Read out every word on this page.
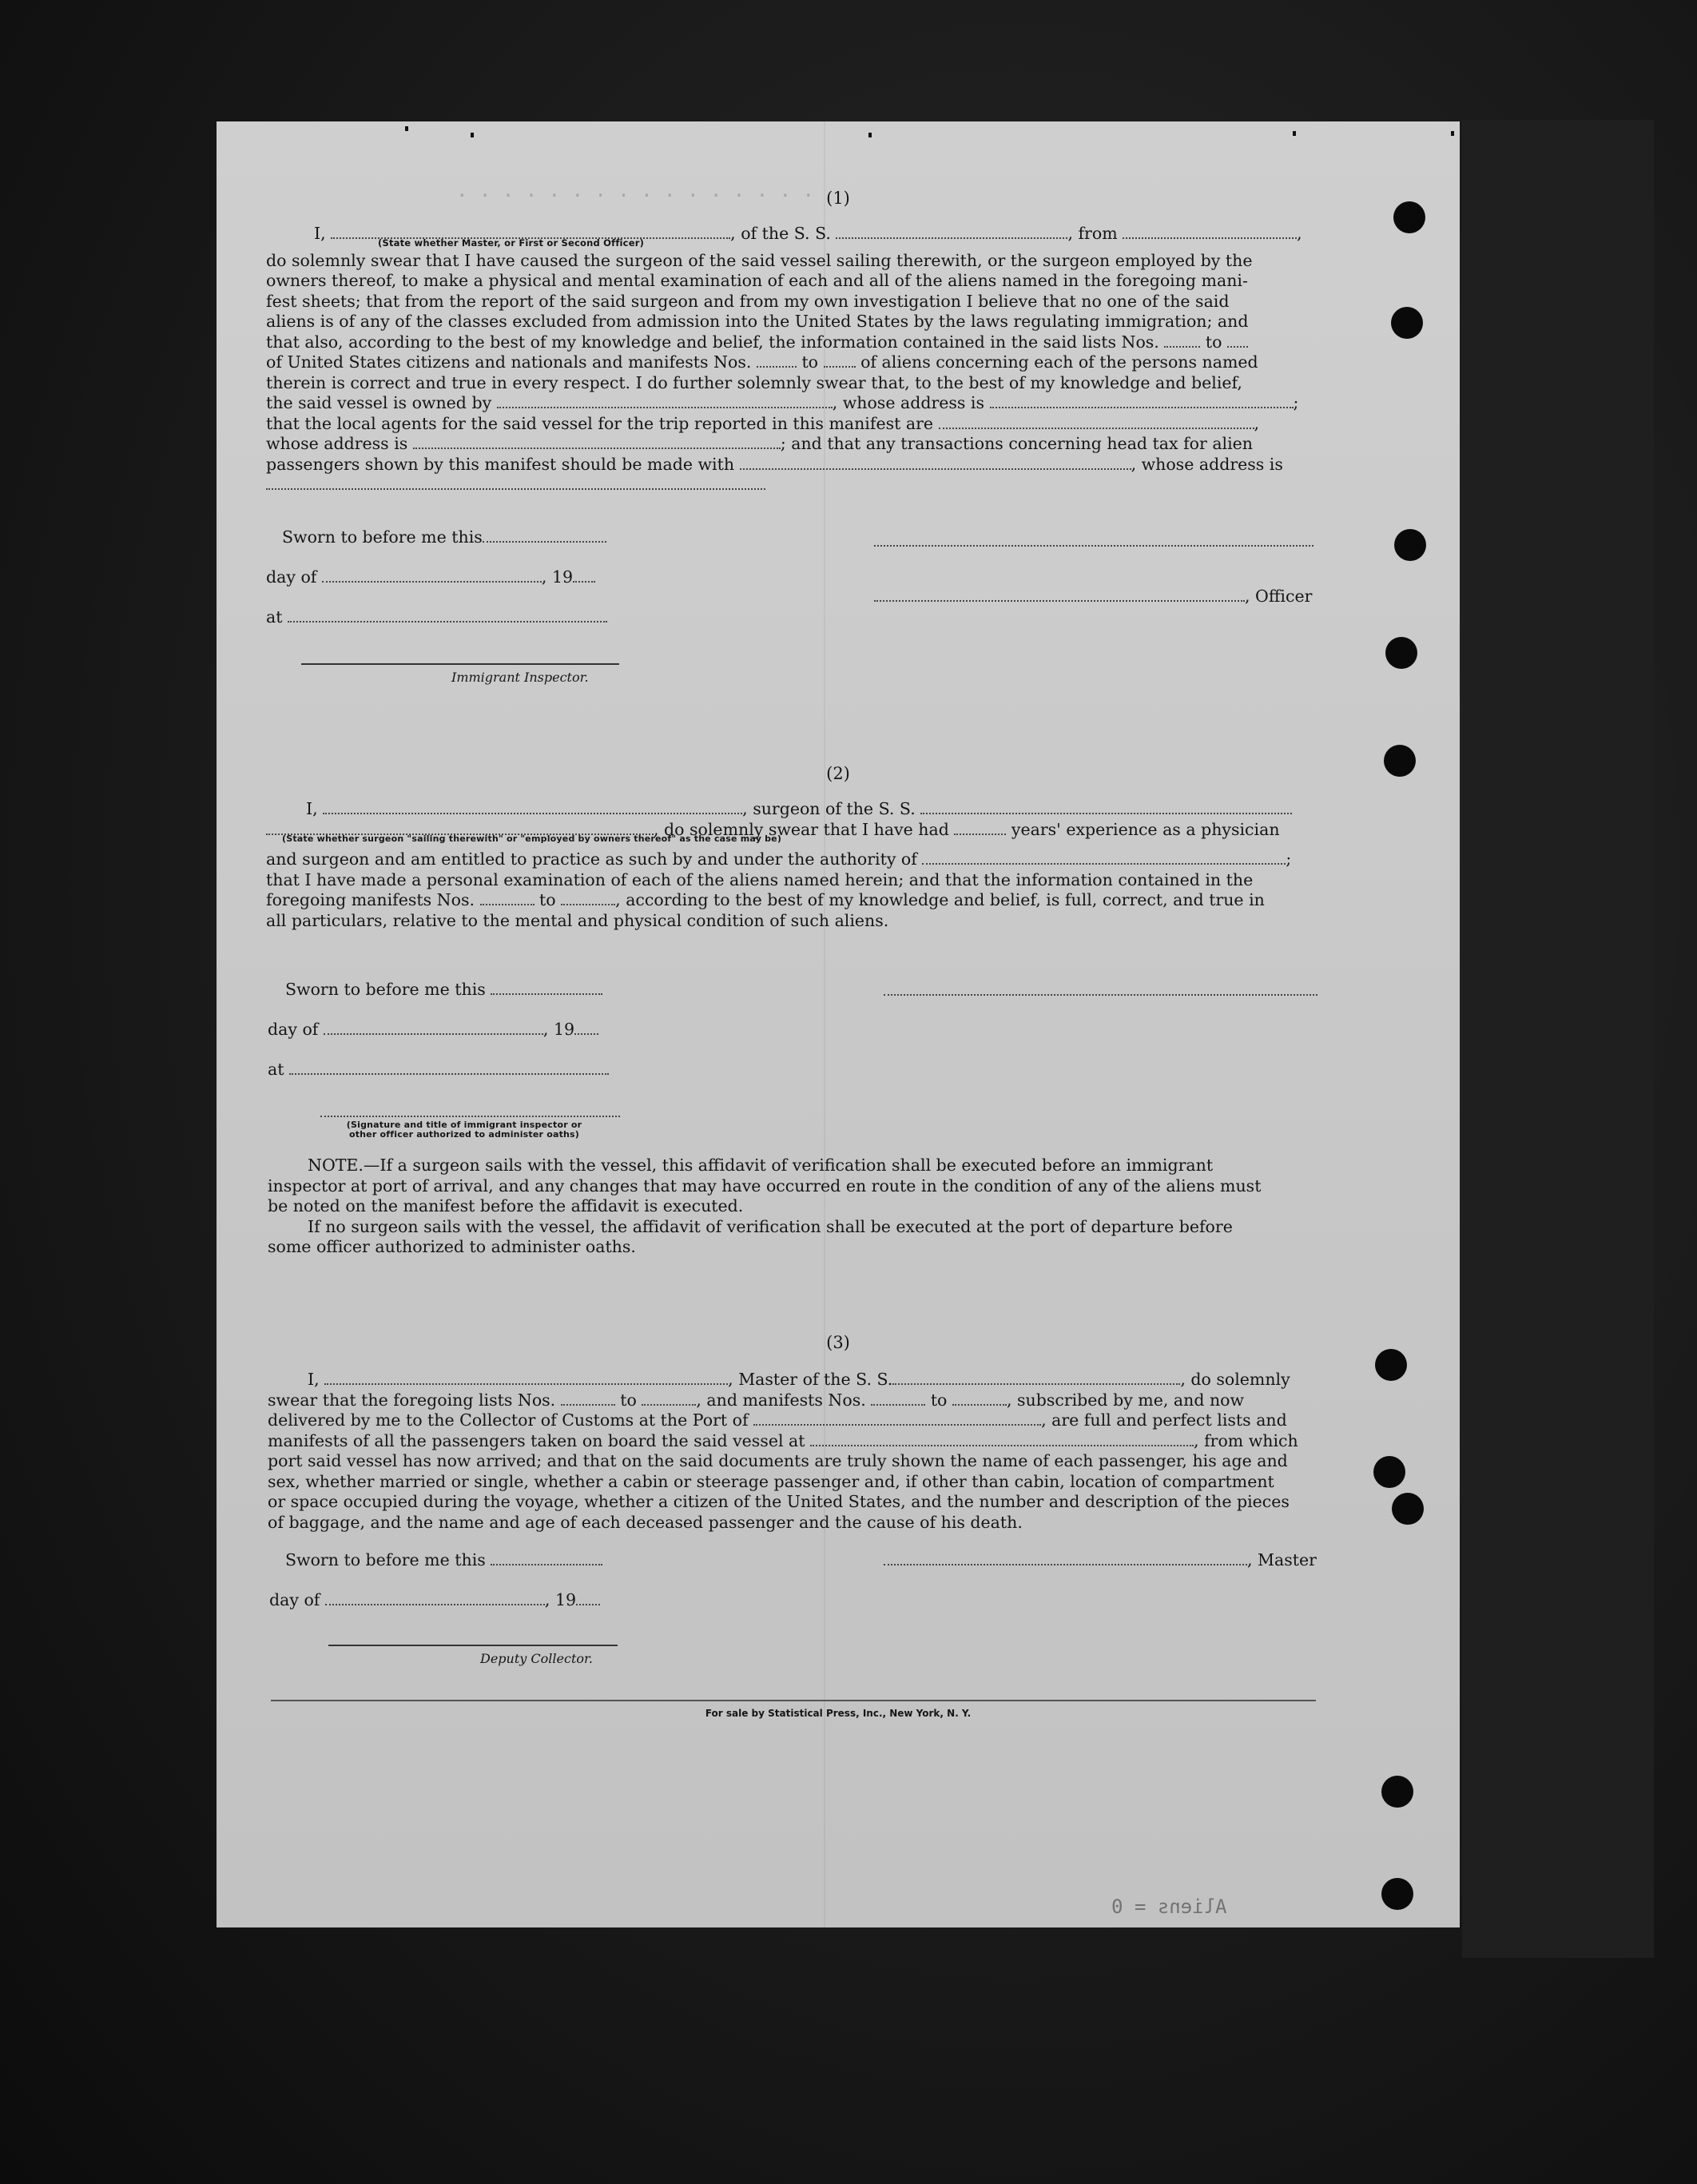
. . . . . . . . . . . . . . . .
Aliens = 0
(1)
I,	, of the S. S.	, from	,
(State whether Master, or First or Second Officer)
do solemnly swear that I have caused the surgeon of the said vessel sailing therewith, or the surgeon employed by the
owners thereof, to make a physical and mental examination of each and all of the aliens named in the foregoing mani-
fest sheets; that from the report of the said surgeon and from my own investigation I believe that no one of the said
aliens is of any of the classes excluded from admission into the United States by the laws regulating immigration; and
that also, according to the best of my knowledge and belief, the information contained in the said lists Nos.	to
of United States citizens and nationals and manifests Nos.	to	of aliens concerning each of the persons named
therein is correct and true in every respect. I do further solemnly swear that, to the best of my knowledge and belief,
the said vessel is owned by	, whose address is	;
that the local agents for the said vessel for the trip reported in this manifest are	,
whose address is	; and that any transactions concerning head tax for alien
passengers shown by this manifest should be made with	, whose address is
Sworn to before me this
day of	, 19
at
Immigrant Inspector.
, Officer
(2)
I,	, surgeon of the S. S.
, do solemnly swear that I have had	years' experience as a physician
(State whether surgeon "sailing therewith" or "employed by owners thereof" as the case may be)
and surgeon and am entitled to practice as such by and under the authority of	;
that I have made a personal examination of each of the aliens named herein; and that the information contained in the
foregoing manifests Nos.	to	, according to the best of my knowledge and belief, is full, correct, and true in
all particulars, relative to the mental and physical condition of such aliens.
Sworn to before me this
day of	, 19
at
(Signature and title of immigrant inspector or
other officer authorized to administer oaths)
NOTE.—If a surgeon sails with the vessel, this affidavit of verification shall be executed before an immigrant
inspector at port of arrival, and any changes that may have occurred en route in the condition of any of the aliens must
be noted on the manifest before the affidavit is executed.
If no surgeon sails with the vessel, the affidavit of verification shall be executed at the port of departure before
some officer authorized to administer oaths.
(3)
I,	, Master of the S. S.	, do solemnly
swear that the foregoing lists Nos.	to	, and manifests Nos.	to	, subscribed by me, and now
delivered by me to the Collector of Customs at the Port of	, are full and perfect lists and
manifests of all the passengers taken on board the said vessel at	, from which
port said vessel has now arrived; and that on the said documents are truly shown the name of each passenger, his age and
sex, whether married or single, whether a cabin or steerage passenger and, if other than cabin, location of compartment
or space occupied during the voyage, whether a citizen of the United States, and the number and description of the pieces
of baggage, and the name and age of each deceased passenger and the cause of his death.
Sworn to before me this	, Master
day of	, 19
Deputy Collector.
For sale by Statistical Press, Inc., New York, N. Y.
